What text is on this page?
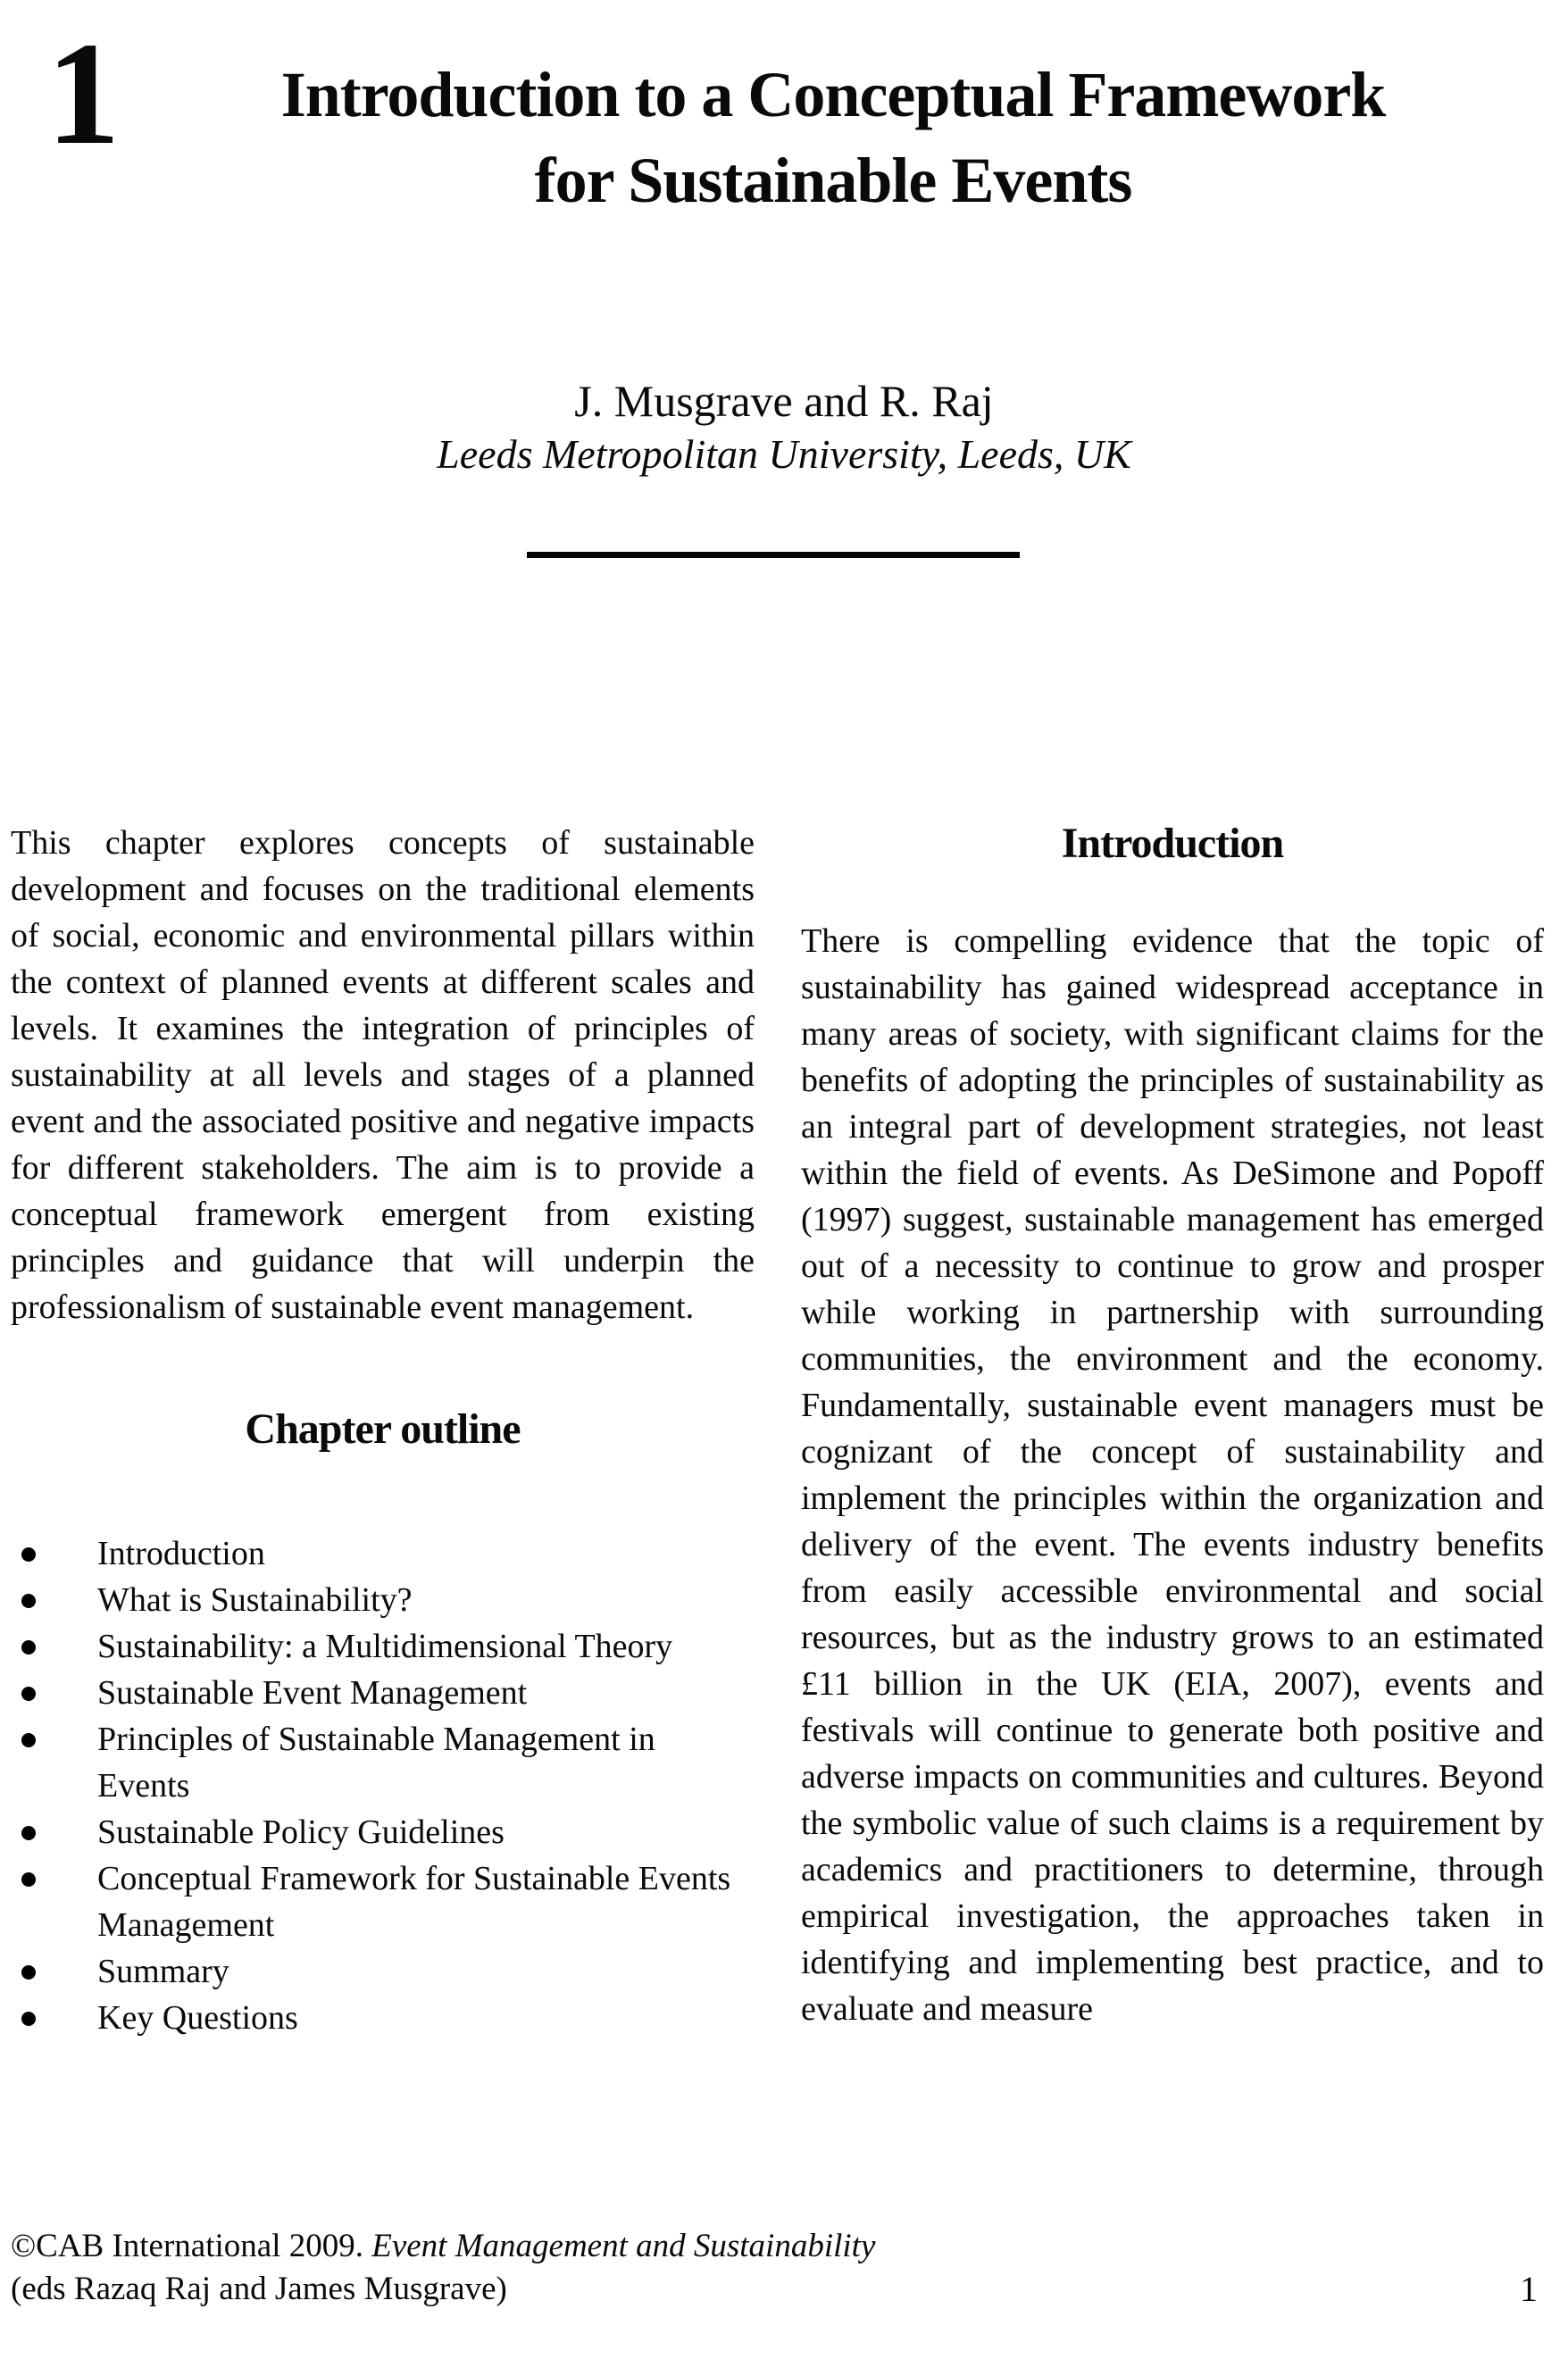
1	Introduction to a Conceptual Framework
for Sustainable Events
J. Musgrave and R. Raj
Leeds Metropolitan University, Leeds, UK

This chapter explores concepts of sustainable development and focuses on the traditional elements of social, economic and environmental pillars within the context of planned events at different scales and levels. It examines the integration of principles of sustainability at all levels and stages of a planned event and the associated positive and negative impacts for different stakeholders. The aim is to provide a conceptual framework emergent from existing principles and guidance that will underpin the professionalism of sustainable event management.

Chapter outline
Introduction
What is Sustainability?
Sustainability: a Multidimensional Theory
Sustainable Event Management
Principles of Sustainable Management in Events
Sustainable Policy Guidelines
Conceptual Framework for Sustainable Events Management
Summary
Key Questions
Introduction

There is compelling evidence that the topic of sustainability has gained widespread acceptance in many areas of society, with significant claims for the benefits of adopting the principles of sustainability as an integral part of development strategies, not least within the field of events. As DeSimone and Popoff (1997) suggest, sustainable management has emerged out of a necessity to continue to grow and prosper while working in partnership with surrounding communities, the environment and the economy. Fundamentally, sustainable event managers must be cognizant of the concept of sustainability and implement the principles within the organization and delivery of the event. The events industry benefits from easily accessible environmental and social resources, but as the industry grows to an estimated £11 billion in the UK (EIA, 2007), events and festivals will continue to generate both positive and adverse impacts on communities and cultures. Beyond the symbolic value of such claims is a requirement by academics and practitioners to determine, through empirical investigation, the approaches taken in identifying and implementing best practice, and to evaluate and measure

©CAB International 2009. Event Management and Sustainability
(eds Razaq Raj and James Musgrave)	1
